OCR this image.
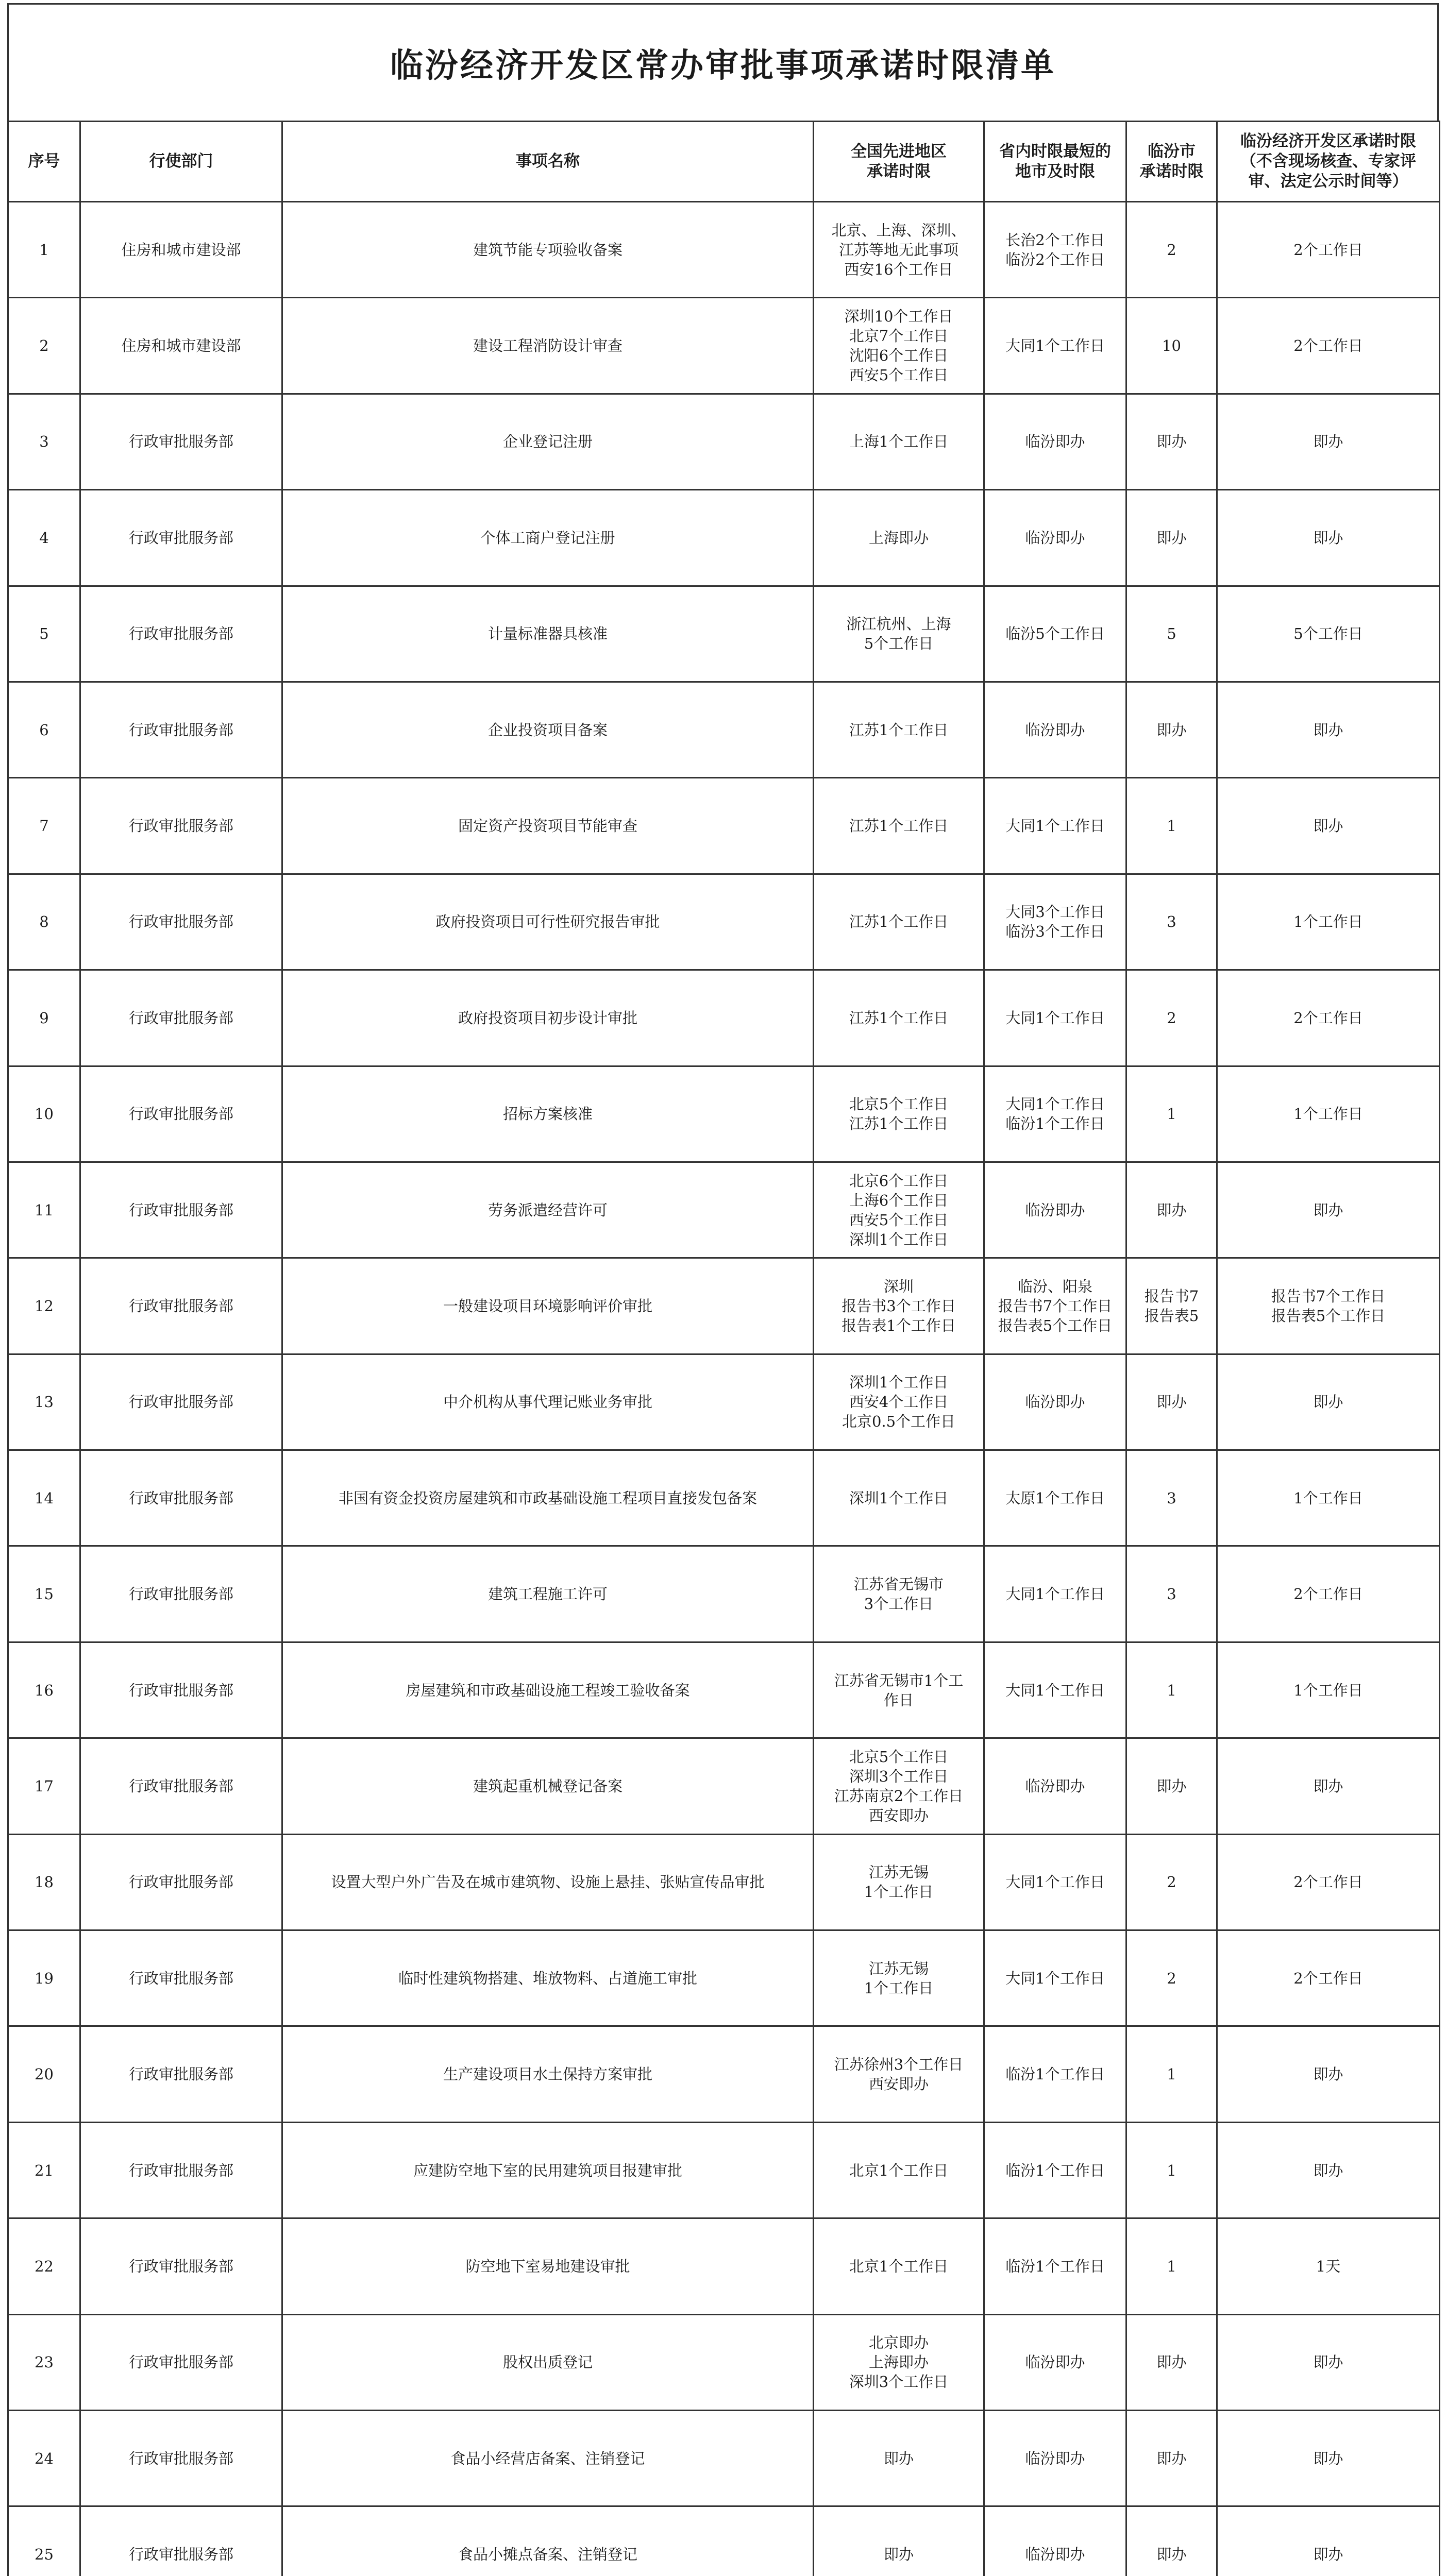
临汾经济开发区常办审批事项承诺时限清单
序号	行使部门	事项名称	全国先进地区
承诺时限	省内时限最短的
地市及时限	临汾市
承诺时限	临汾经济开发区承诺时限
（不含现场核查、专家评
审、法定公示时间等）
1	住房和城市建设部	建筑节能专项验收备案	北京、上海、深圳、
江苏等地无此事项
西安16个工作日	长治2个工作日
临汾2个工作日	2	2个工作日
2	住房和城市建设部	建设工程消防设计审查	深圳10个工作日
北京7个工作日
沈阳6个工作日
西安5个工作日	大同1个工作日	10	2个工作日
3	行政审批服务部	企业登记注册	上海1个工作日	临汾即办	即办	即办
4	行政审批服务部	个体工商户登记注册	上海即办	临汾即办	即办	即办
5	行政审批服务部	计量标准器具核准	浙江杭州、上海
5个工作日	临汾5个工作日	5	5个工作日
6	行政审批服务部	企业投资项目备案	江苏1个工作日	临汾即办	即办	即办
7	行政审批服务部	固定资产投资项目节能审查	江苏1个工作日	大同1个工作日	1	即办
8	行政审批服务部	政府投资项目可行性研究报告审批	江苏1个工作日	大同3个工作日
临汾3个工作日	3	1个工作日
9	行政审批服务部	政府投资项目初步设计审批	江苏1个工作日	大同1个工作日	2	2个工作日
10	行政审批服务部	招标方案核准	北京5个工作日
江苏1个工作日	大同1个工作日
临汾1个工作日	1	1个工作日
11	行政审批服务部	劳务派遣经营许可	北京6个工作日
上海6个工作日
西安5个工作日
深圳1个工作日	临汾即办	即办	即办
12	行政审批服务部	一般建设项目环境影响评价审批	深圳
报告书3个工作日
报告表1个工作日	临汾、阳泉
报告书7个工作日
报告表5个工作日	报告书7
报告表5	报告书7个工作日
报告表5个工作日
13	行政审批服务部	中介机构从事代理记账业务审批	深圳1个工作日
西安4个工作日
北京0.5个工作日	临汾即办	即办	即办
14	行政审批服务部	非国有资金投资房屋建筑和市政基础设施工程项目直接发包备案	深圳1个工作日	太原1个工作日	3	1个工作日
15	行政审批服务部	建筑工程施工许可	江苏省无锡市
3个工作日	大同1个工作日	3	2个工作日
16	行政审批服务部	房屋建筑和市政基础设施工程竣工验收备案	江苏省无锡市1个工
作日	大同1个工作日	1	1个工作日
17	行政审批服务部	建筑起重机械登记备案	北京5个工作日
深圳3个工作日
江苏南京2个工作日
西安即办	临汾即办	即办	即办
18	行政审批服务部	设置大型户外广告及在城市建筑物、设施上悬挂、张贴宣传品审批	江苏无锡
1个工作日	大同1个工作日	2	2个工作日
19	行政审批服务部	临时性建筑物搭建、堆放物料、占道施工审批	江苏无锡
1个工作日	大同1个工作日	2	2个工作日
20	行政审批服务部	生产建设项目水土保持方案审批	江苏徐州3个工作日
西安即办	临汾1个工作日	1	即办
21	行政审批服务部	应建防空地下室的民用建筑项目报建审批	北京1个工作日	临汾1个工作日	1	即办
22	行政审批服务部	防空地下室易地建设审批	北京1个工作日	临汾1个工作日	1	1天
23	行政审批服务部	股权出质登记	北京即办
上海即办
深圳3个工作日	临汾即办	即办	即办
24	行政审批服务部	食品小经营店备案、注销登记	即办	临汾即办	即办	即办
25	行政审批服务部	食品小摊点备案、注销登记	即办	临汾即办	即办	即办
